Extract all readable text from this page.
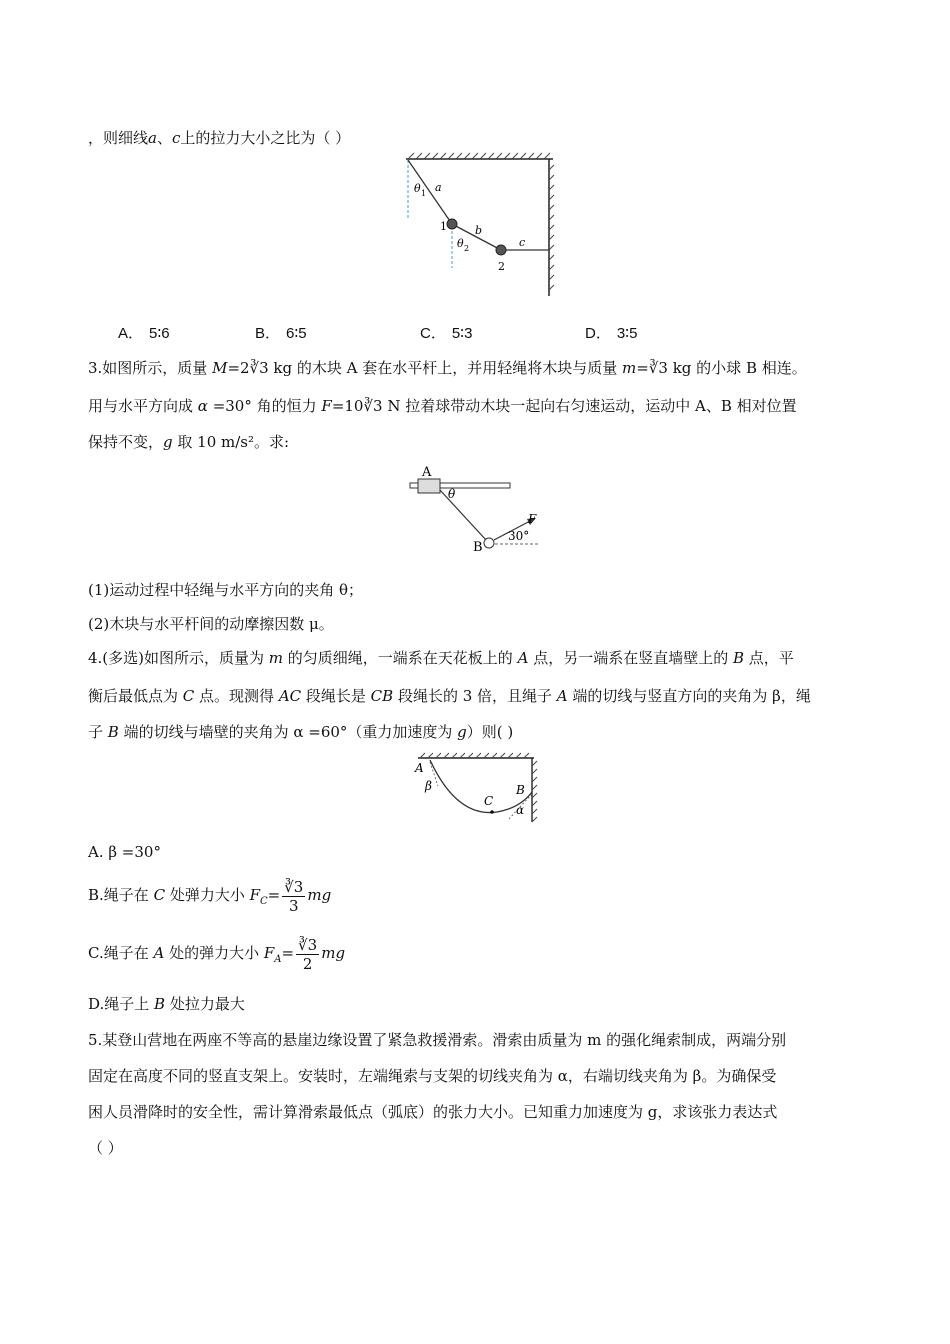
，则细线a、c上的拉力大小之比为（ ）
θ 1 a
1	b
θ 2	c
2
A． 5∶6	B． 6∶5	C． 5∶3	D． 3∶5
3.如图所示，质量 M=2∛3 kg 的木块 A 套在水平杆上，并用轻绳将木块与质量 m=∛3 kg 的小球 B 相连。
用与水平方向成 α =30° 角的恒力 F=10∛3 N 拉着球带动木块一起向右匀速运动，运动中 A、B 相对位置
保持不变，g 取 10 m/s²。求:
A
θ
B
F
30°
(1)运动过程中轻绳与水平方向的夹角 θ；
(2)木块与水平杆间的动摩擦因数 μ。
4.(多选)如图所示，质量为 m 的匀质细绳，一端系在天花板上的 A 点，另一端系在竖直墙壁上的 B 点，平
衡后最低点为 C 点。现测得 AC 段绳长是 CB 段绳长的 3 倍，且绳子 A 端的切线与竖直方向的夹角为 β，绳
子 B 端的切线与墙壁的夹角为 α =60°（重力加速度为 g）则( )
A
β
C
B
α
A. β =30°
B.绳子在 C 处弹力大小 $F_C= \frac{∛3}{3}$ mg
C.绳子在 A 处的弹力大小 $F_A= \frac{∛3}{2}$ mg
D.绳子上 B 处拉力最大
5.某登山营地在两座不等高的悬崖边缘设置了紧急救援滑索。滑索由质量为 m 的强化绳索制成，两端分别
固定在高度不同的竖直支架上。安装时，左端绳索与支架的切线夹角为 α，右端切线夹角为 β。为确保受
困人员滑降时的安全性，需计算滑索最低点（弧底）的张力大小。已知重力加速度为 g，求该张力表达式
（ ）
